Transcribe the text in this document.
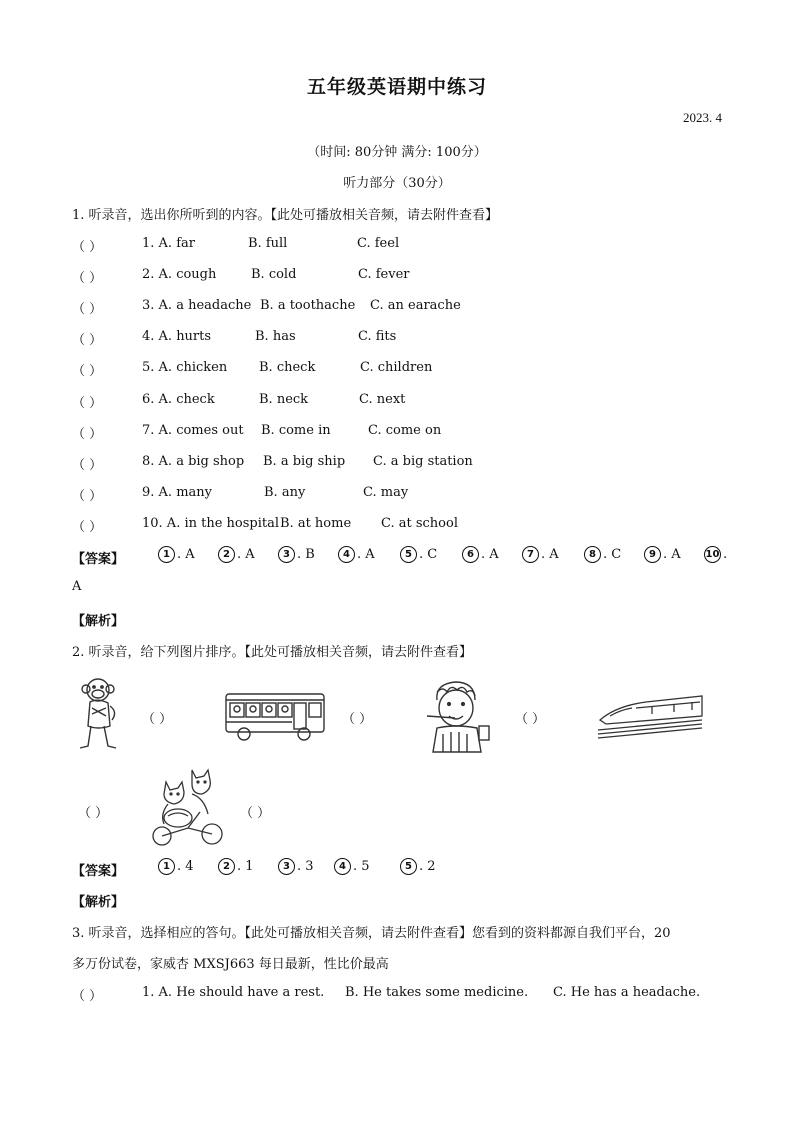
五年级英语期中练习
2023. 4
（时间: 80分钟 满分: 100分）
听力部分（30分）
1. 听录音，选出你所听到的内容。【此处可播放相关音频，请去附件查看】
（ ）	1. A. far	B. full	C. feel
（ ）	2. A. cough	B. cold	C. fever
（ ）	3. A. a headache B. a toothache C. an earache
（ ）	4. A. hurts	B. has	C. fits
（ ）	5. A. chicken B. check	C. children
（ ）	6. A. check	B. neck	C. next
（ ）	7. A. comes out B. come in	C. come on
（ ）	8. A. a big shop B. a big ship C. a big station
（ ）	9. A. many	B. any	C. may
（ ）	10. A. in the hospital B. at home C. at school
【答案】	1 . A	2 . A	3 . B	4 . A	5 . C	6 . A	7 . A	8 . C	9 . A 10 .
A
【解析】
2. 听录音，给下列图片排序。【此处可播放相关音频，请去附件查看】
（ ）	（ ）	（ ）
（ ）	（ ）
【答案】	1 . 4	2 . 1	3 . 3	4 . 5	5 . 2
【解析】
3. 听录音，选择相应的答句。【此处可播放相关音频，请去附件查看】您看到的资料都源自我们平台，20
多万份试卷，家威杏 MXSJ663 每日最新，性比价最高
（ ）	1. A. He should have a rest. B. He takes some medicine. C. He has a headache.
